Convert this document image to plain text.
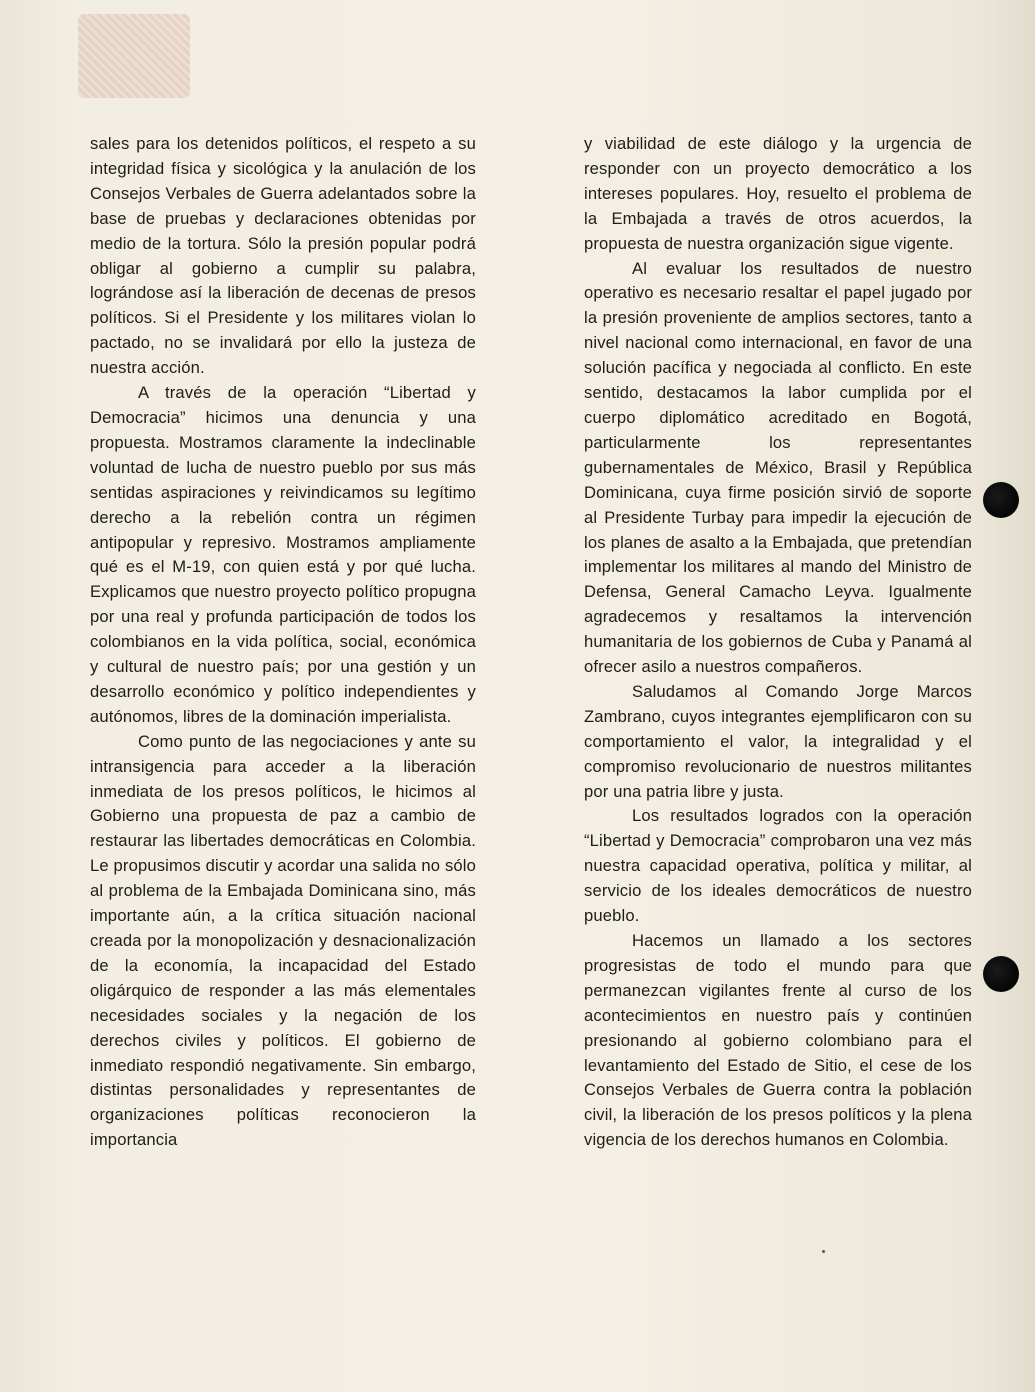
sales para los detenidos políticos, el respeto a su integridad física y sicológica y la anulación de los Consejos Verbales de Guerra adelantados sobre la base de pruebas y declaraciones obtenidas por medio de la tortura. Sólo la presión popular podrá obligar al gobierno a cumplir su palabra, lográndose así la liberación de decenas de presos políticos. Si el Presidente y los militares violan lo pactado, no se invalidará por ello la justeza de nuestra acción.

A través de la operación “Libertad y Democracia” hicimos una denuncia y una propuesta. Mostramos claramente la indeclinable voluntad de lucha de nuestro pueblo por sus más sentidas aspiraciones y reivindicamos su legítimo derecho a la rebelión contra un régimen antipopular y represivo. Mostramos ampliamente qué es el M-19, con quien está y por qué lucha. Explicamos que nuestro proyecto político propugna por una real y profunda participación de todos los colombianos en la vida política, social, económica y cultural de nuestro país; por una gestión y un desarrollo económico y político independientes y autónomos, libres de la dominación imperialista.

Como punto de las negociaciones y ante su intransigencia para acceder a la liberación inmediata de los presos políticos, le hicimos al Gobierno una propuesta de paz a cambio de restaurar las libertades democráticas en Colombia. Le propusimos discutir y acordar una salida no sólo al problema de la Embajada Dominicana sino, más importante aún, a la crítica situación nacional creada por la monopolización y desnacionalización de la economía, la incapacidad del Estado oligárquico de responder a las más elementales necesidades sociales y la negación de los derechos civiles y políticos. El gobierno de inmediato respondió negativamente. Sin embargo, distintas personalidades y representantes de organizaciones políticas reconocieron la importancia

y viabilidad de este diálogo y la urgencia de responder con un proyecto democrático a los intereses populares. Hoy, resuelto el problema de la Embajada a través de otros acuerdos, la propuesta de nuestra organización sigue vigente.

Al evaluar los resultados de nuestro operativo es necesario resaltar el papel jugado por la presión proveniente de amplios sectores, tanto a nivel nacional como internacional, en favor de una solución pacífica y negociada al conflicto. En este sentido, destacamos la labor cumplida por el cuerpo diplomático acreditado en Bogotá, particularmente los representantes gubernamentales de México, Brasil y República Dominicana, cuya firme posición sirvió de soporte al Presidente Turbay para impedir la ejecución de los planes de asalto a la Embajada, que pretendían implementar los militares al mando del Ministro de Defensa, General Camacho Leyva. Igualmente agradecemos y resaltamos la intervención humanitaria de los gobiernos de Cuba y Panamá al ofrecer asilo a nuestros compañeros.

Saludamos al Comando Jorge Marcos Zambrano, cuyos integrantes ejemplificaron con su comportamiento el valor, la integralidad y el compromiso revolucionario de nuestros militantes por una patria libre y justa.

Los resultados logrados con la operación “Libertad y Democracia” comprobaron una vez más nuestra capacidad operativa, política y militar, al servicio de los ideales democráticos de nuestro pueblo.

Hacemos un llamado a los sectores progresistas de todo el mundo para que permanezcan vigilantes frente al curso de los acontecimientos en nuestro país y continúen presionando al gobierno colombiano para el levantamiento del Estado de Sitio, el cese de los Consejos Verbales de Guerra contra la población civil, la liberación de los presos políticos y la plena vigencia de los derechos humanos en Colombia.
